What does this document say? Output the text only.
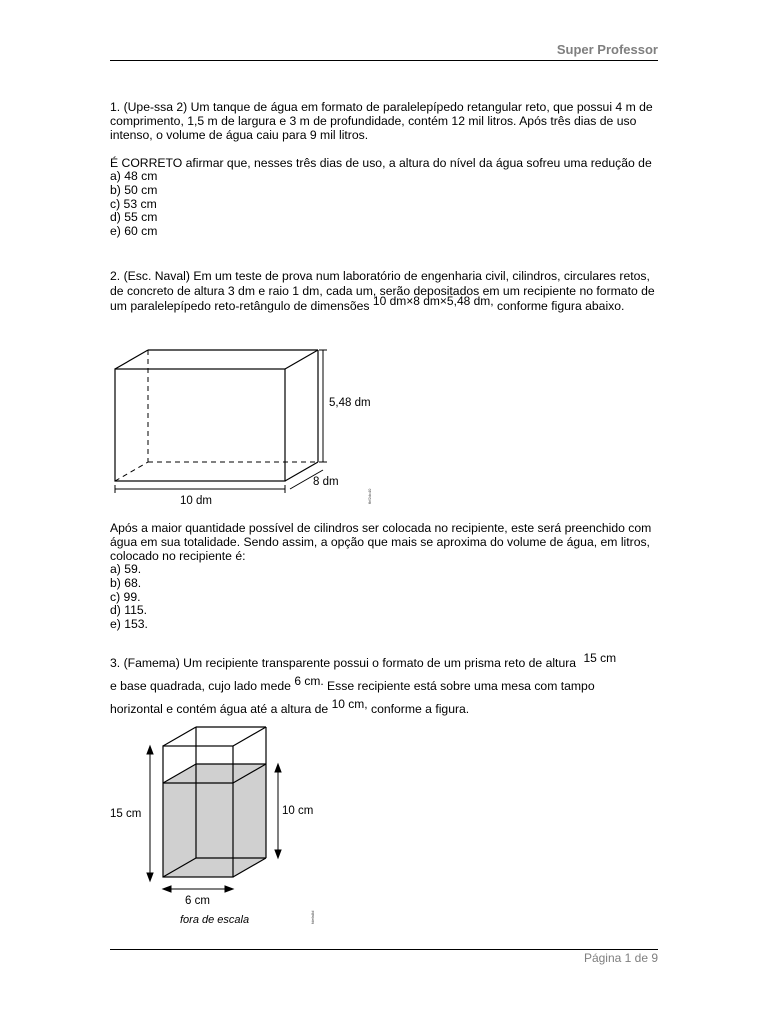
Super Professor

1. (Upe-ssa 2) Um tanque de água em formato de paralelepípedo retangular reto, que possui 4 m de comprimento, 1,5 m de largura e 3 m de profundidade, contém 12 mil litros. Após três dias de uso intenso, o volume de água caiu para 9 mil litros.

É CORRETO afirmar que, nesses três dias de uso, a altura do nível da água sofreu uma redução de

a) 48 cm
b) 50 cm
c) 53 cm
d) 55 cm
e) 60 cm

2. (Esc. Naval) Em um teste de prova num laboratório de engenharia civil, cilindros, circulares retos, de concreto de altura 3 dm e raio 1 dm, cada um, serão depositados em um recipiente no formato de um paralelepípedo reto-retângulo de dimensões 10 dm×8 dm×5,48 dm, conforme figura abaixo.

5,48 dm
8 dm
10 dm	fbf2dc40

Após a maior quantidade possível de cilindros ser colocada no recipiente, este será preenchido com água em sua totalidade. Sendo assim, a opção que mais se aproxima do volume de água, em litros, colocado no recipiente é:

a) 59.
b) 68.
c) 99.
d) 115.
e) 153.
3. (Famema) Um recipiente transparente possui o formato de um prisma reto de altura 15 cm
e base quadrada, cujo lado mede 6 cm. Esse recipiente está sobre uma mesa com tampo
horizontal e contém água até a altura de 10 cm, conforme a figura.
15 cm	10 cm
6 cm
fora de escala	fdefa8d
Página 1 de 9
